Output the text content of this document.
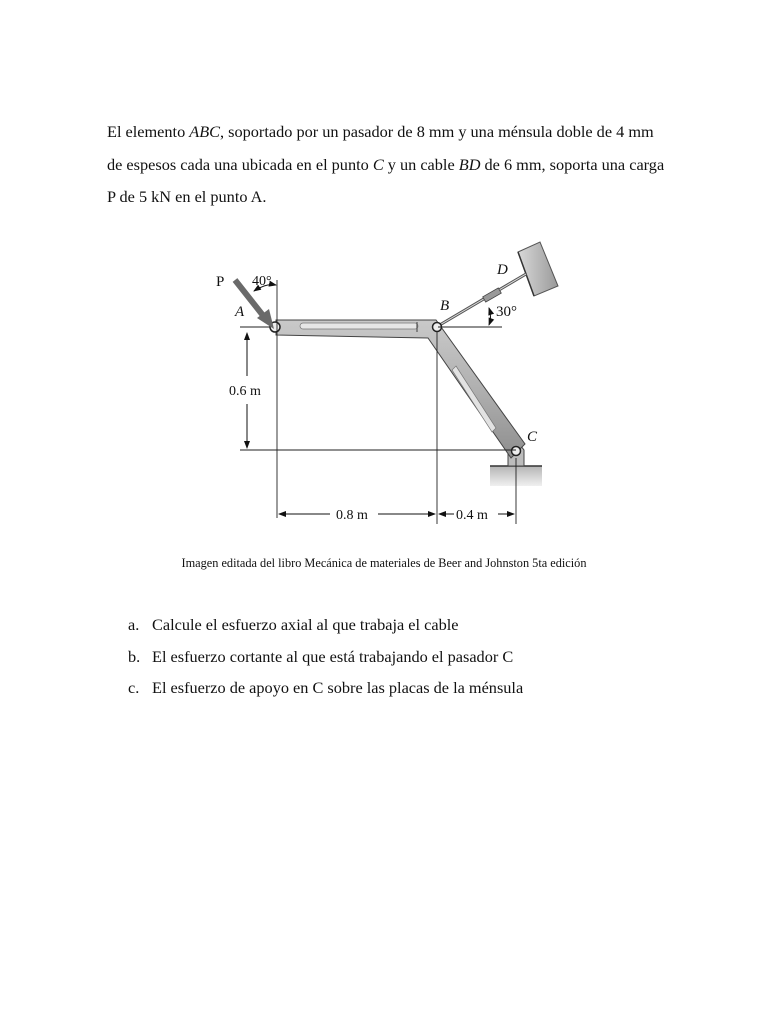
El elemento ABC, soportado por un pasador de 8 mm y una ménsula doble de 4 mm de espesos cada una ubicada en el punto C y un cable BD de 6 mm, soporta una carga P de 5 kN en el punto A.

P 40°
A	B
D
30°
C
0.6 m
0.8 m	0.4 m

Imagen editada del libro Mecánica de materiales de Beer and Johnston 5ta edición

a. Calcule el esfuerzo axial al que trabaja el cable
b. El esfuerzo cortante al que está trabajando el pasador C
c. El esfuerzo de apoyo en C sobre las placas de la ménsula
